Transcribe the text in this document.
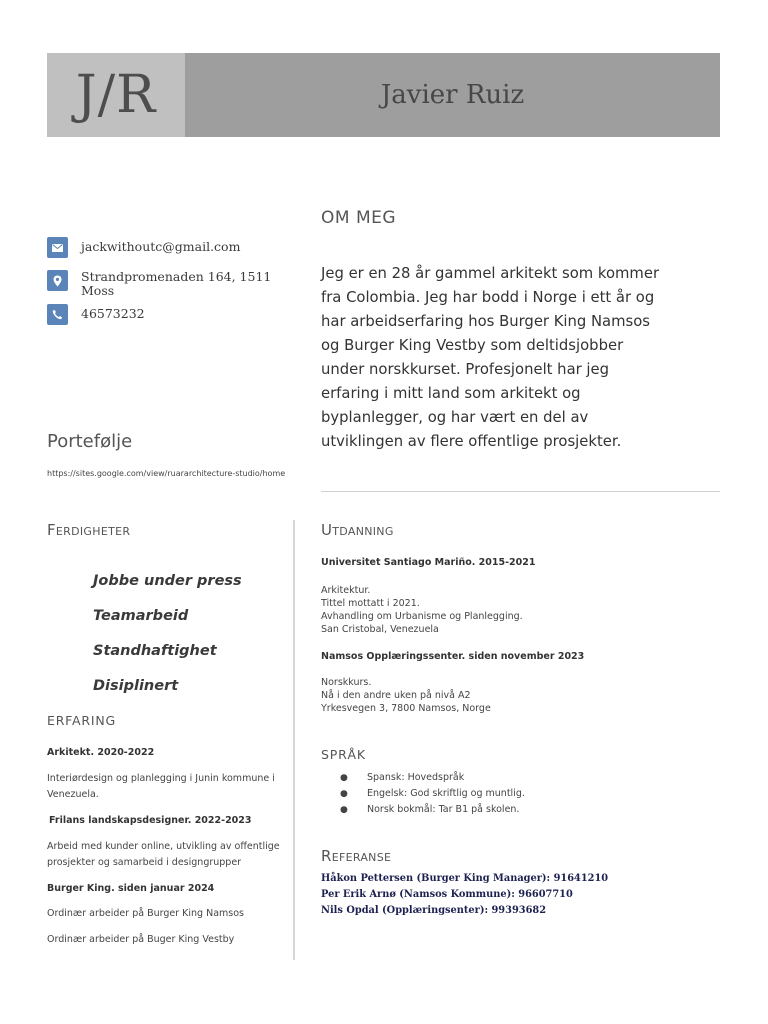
J/R	Javier Ruiz
jackwithoutc@gmail.com
Strandpromenaden 164, 1511
Moss
46573232
Portefølje
https://sites.google.com/view/ruararchitecture-studio/home
OM MEG
Jeg er en 28 år gammel arkitekt som kommer fra Colombia. Jeg har bodd i Norge i ett år og har arbeidserfaring hos Burger King Namsos og Burger King Vestby som deltidsjobber under norskkurset. Profesjonelt har jeg erfaring i mitt land som arkitekt og byplanlegger, og har vært en del av utviklingen av flere offentlige prosjekter.
Ferdigheter
Jobbe under press
Teamarbeid
Standhaftighet
Disiplinert
ERFARING
Arkitekt. 2020-2022
Interiørdesign og planlegging i Junin kommune i Venezuela.
Frilans landskapsdesigner. 2022-2023
Arbeid med kunder online, utvikling av offentlige prosjekter og samarbeid i designgrupper
Burger King. siden januar 2024
Ordinær arbeider på Burger King Namsos
Ordinær arbeider på Buger King Vestby
Utdanning
Universitet Santiago Mariño. 2015-2021
Arkitektur.
Tittel mottatt i 2021.
Avhandling om Urbanisme og Planlegging.
San Cristobal, Venezuela
Namsos Opplæringssenter. siden november 2023
Norskkurs.
Nå i den andre uken på nivå A2
Yrkesvegen 3, 7800 Namsos, Norge
SPRÅK
●	Spansk: Hovedspråk
●	Engelsk: God skriftlig og muntlig.
●	Norsk bokmål: Tar B1 på skolen.
Referanse
Håkon Pettersen (Burger King Manager): 91641210
Per Erik Arnø (Namsos Kommune): 96607710
Nils Opdal (Opplæringsenter): 99393682
